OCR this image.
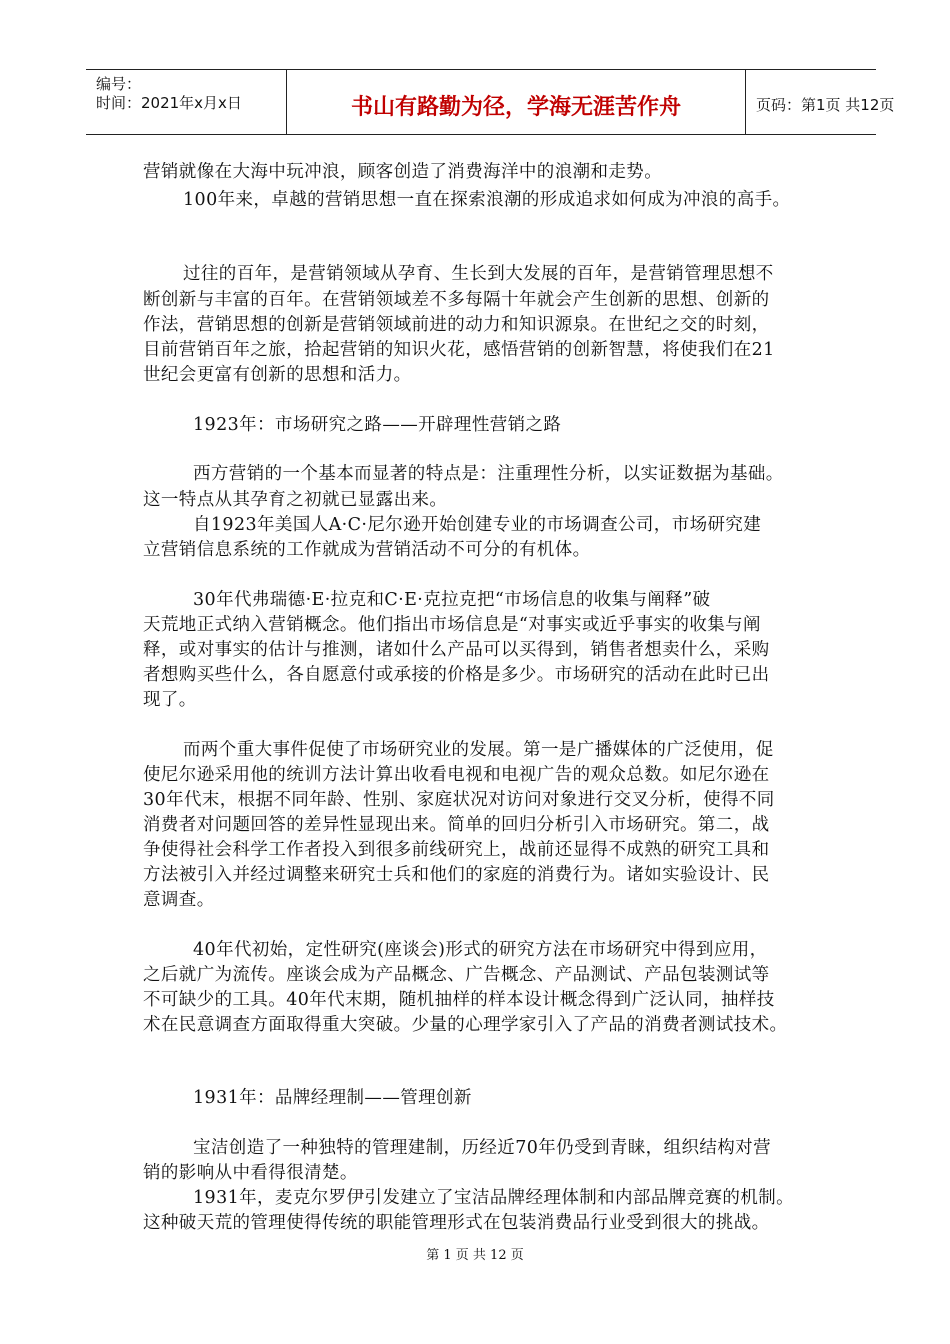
编号：
时间：2021年x月x日	书山有路勤为径，学海无涯苦作舟	页码：第1页 共12页
营销就像在大海中玩冲浪，顾客创造了消费海洋中的浪潮和走势。
100年来，卓越的营销思想一直在探索浪潮的形成追求如何成为冲浪的高手。
过往的百年，是营销领域从孕育、生长到大发展的百年，是营销管理思想不
断创新与丰富的百年。在营销领域差不多每隔十年就会产生创新的思想、创新的
作法，营销思想的创新是营销领域前进的动力和知识源泉。在世纪之交的时刻，
目前营销百年之旅，拾起营销的知识火花，感悟营销的创新智慧，将使我们在21
世纪会更富有创新的思想和活力。
1923年：市场研究之路——开辟理性营销之路
西方营销的一个基本而显著的特点是：注重理性分析，以实证数据为基础。
这一特点从其孕育之初就已显露出来。
自1923年美国人A·C·尼尔逊开始创建专业的市场调查公司，市场研究建
立营销信息系统的工作就成为营销活动不可分的有机体。
30年代弗瑞德·E·拉克和C·E·克拉克把“市场信息的收集与阐释”破
天荒地正式纳入营销概念。他们指出市场信息是“对事实或近乎事实的收集与阐
释，或对事实的估计与推测，诸如什么产品可以买得到，销售者想卖什么，采购
者想购买些什么，各自愿意付或承接的价格是多少。市场研究的活动在此时已出
现了。
而两个重大事件促使了市场研究业的发展。第一是广播媒体的广泛使用，促
使尼尔逊采用他的统训方法计算出收看电视和电视广告的观众总数。如尼尔逊在
30年代末，根据不同年龄、性别、家庭状况对访问对象进行交叉分析，使得不同
消费者对问题回答的差异性显现出来。简单的回归分析引入市场研究。第二，战
争使得社会科学工作者投入到很多前线研究上，战前还显得不成熟的研究工具和
方法被引入并经过调整来研究士兵和他们的家庭的消费行为。诸如实验设计、民
意调查。
40年代初始，定性研究(座谈会)形式的研究方法在市场研究中得到应用，
之后就广为流传。座谈会成为产品概念、广告概念、产品测试、产品包装测试等
不可缺少的工具。40年代末期，随机抽样的样本设计概念得到广泛认同，抽样技
术在民意调查方面取得重大突破。少量的心理学家引入了产品的消费者测试技术。
1931年：品牌经理制——管理创新
宝洁创造了一种独特的管理建制，历经近70年仍受到青睐，组织结构对营
销的影响从中看得很清楚。
1931年，麦克尔罗伊引发建立了宝洁品牌经理体制和内部品牌竞赛的机制。
这种破天荒的管理使得传统的职能管理形式在包装消费品行业受到很大的挑战。
第 1 页 共 12 页
